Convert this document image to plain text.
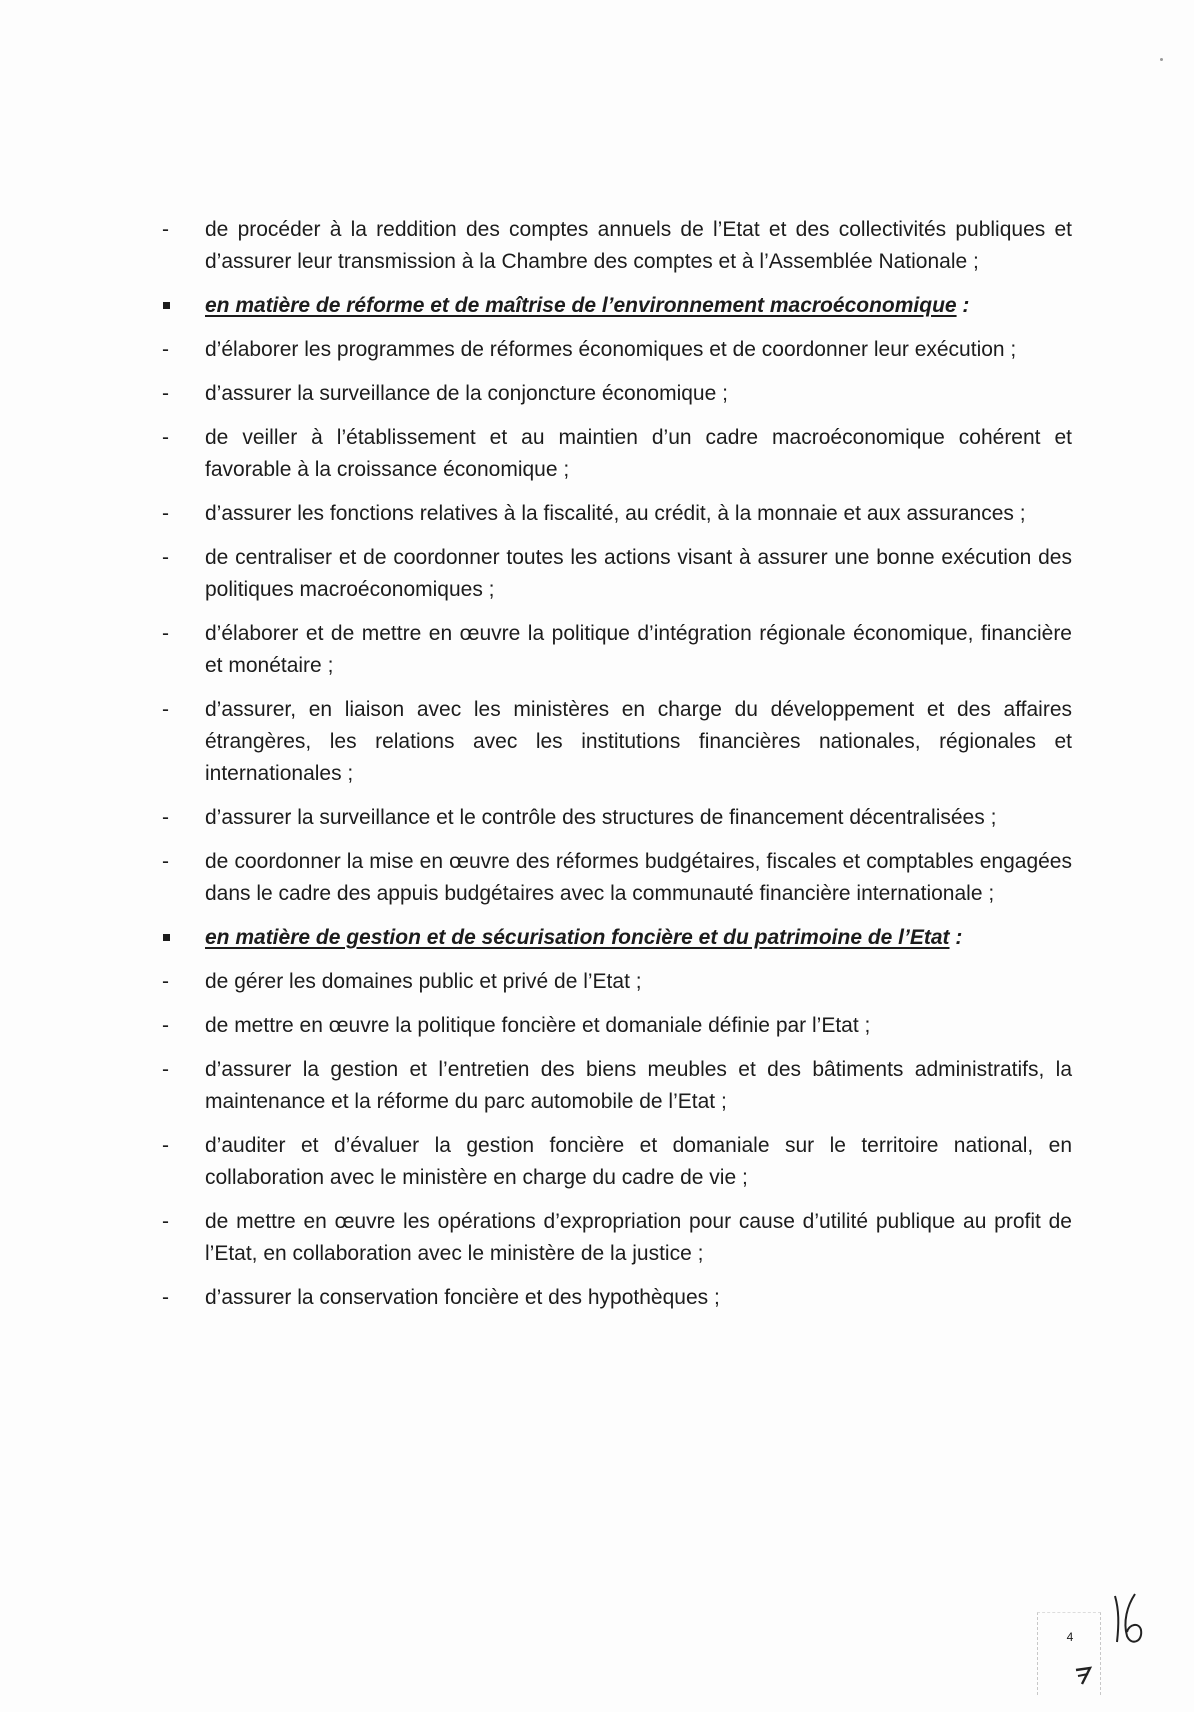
-
de procéder à la reddition des comptes annuels de l’Etat et des collectivités publiques et d’assurer leur transmission à la Chambre des comptes et à l’Assemblée Nationale ;
en matière de réforme et de maîtrise de l’environnement macroéconomique :
-
d’élaborer les programmes de réformes économiques et de coordonner leur exécution ;
-
d’assurer la surveillance de la conjoncture économique ;
-
de veiller à l’établissement et au maintien d’un cadre macroéconomique cohérent et favorable à la croissance économique ;
-
d’assurer les fonctions relatives à la fiscalité, au crédit, à la monnaie et aux assurances ;
-
de centraliser et de coordonner toutes les actions visant à assurer une bonne exécution des politiques macroéconomiques ;
-
d’élaborer et de mettre en œuvre la politique d’intégration régionale économique, financière et monétaire ;
-
d’assurer, en liaison avec les ministères en charge du développement et des affaires étrangères, les relations avec les institutions financières nationales, régionales et internationales ;
-
d’assurer la surveillance et le contrôle des structures de financement décentralisées ;
-
de coordonner la mise en œuvre des réformes budgétaires, fiscales et comptables engagées dans le cadre des appuis budgétaires avec la communauté financière internationale ;
en matière de gestion et de sécurisation foncière et du patrimoine de l’Etat :
-
de gérer les domaines public et privé de l’Etat ;
-
de mettre en œuvre la politique foncière et domaniale définie par l’Etat ;
-
d’assurer la gestion et l’entretien des biens meubles et des bâtiments administratifs, la maintenance et la réforme du parc automobile de l’Etat ;
-
d’auditer et d’évaluer la gestion foncière et domaniale sur le territoire national, en collaboration avec le ministère en charge du cadre de vie ;
-
de mettre en œuvre les opérations d’expropriation pour cause d’utilité publique au profit de l’Etat, en collaboration avec le ministère de la justice ;
-
d’assurer la conservation foncière et des hypothèques ;
4
